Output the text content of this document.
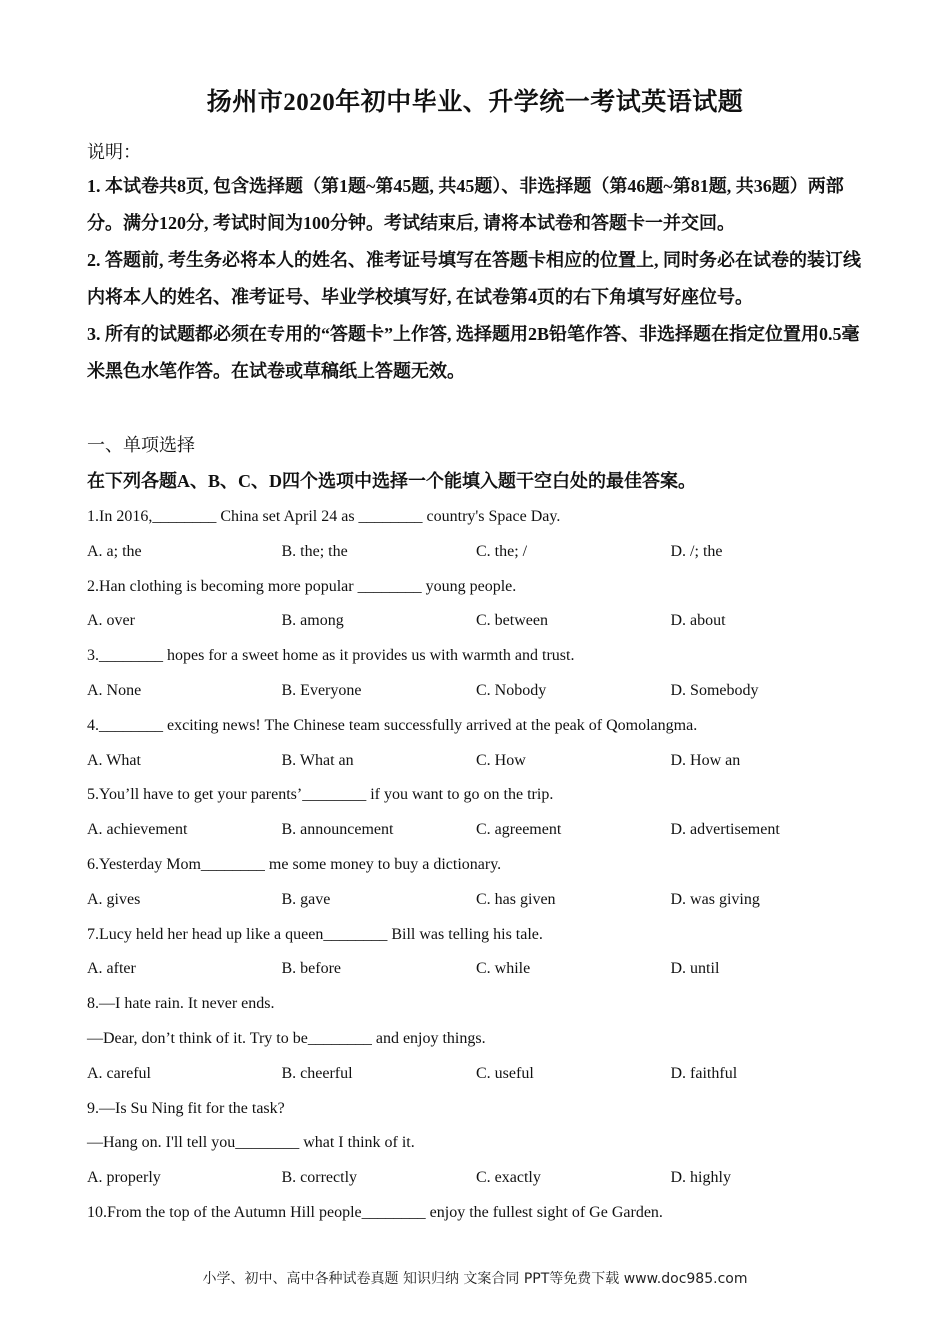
扬州市2020年初中毕业、升学统一考试英语试题
说明：

1. 本试卷共8页, 包含选择题（第1题~第45题, 共45题）、非选择题（第46题~第81题, 共36题）两部分。满分120分, 考试时间为100分钟。考试结束后, 请将本试卷和答题卡一并交回。

2. 答题前, 考生务必将本人的姓名、准考证号填写在答题卡相应的位置上, 同时务必在试卷的装订线内将本人的姓名、准考证号、毕业学校填写好, 在试卷第4页的右下角填写好座位号。

3. 所有的试题都必须在专用的“答题卡”上作答, 选择题用2B铅笔作答、非选择题在指定位置用0.5毫米黑色水笔作答。在试卷或草稿纸上答题无效。

一、单项选择
在下列各题A、B、C、D四个选项中选择一个能填入题干空白处的最佳答案。
1.In 2016,________ China set April 24 as ________ country's Space Day.
A. a; the	B. the; the	C. the; /	D. /; the
2.Han clothing is becoming more popular ________ young people.
A. over	B. among	C. between	D. about
3.________ hopes for a sweet home as it provides us with warmth and trust.
A. None	B. Everyone	C. Nobody	D. Somebody
4.________ exciting news! The Chinese team successfully arrived at the peak of Qomolangma.
A. What	B. What an	C. How	D. How an
5.You’ll have to get your parents’________ if you want to go on the trip.
A. achievement	B. announcement	C. agreement	D. advertisement
6.Yesterday Mom________ me some money to buy a dictionary.
A. gives	B. gave	C. has given	D. was giving
7.Lucy held her head up like a queen________ Bill was telling his tale.
A. after	B. before	C. while	D. until
8.—I hate rain. It never ends.
—Dear, don’t think of it. Try to be________ and enjoy things.
A. careful	B. cheerful	C. useful	D. faithful
9.—Is Su Ning fit for the task?
—Hang on. I'll tell you________ what I think of it.
A. properly	B. correctly	C. exactly	D. highly
10.From the top of the Autumn Hill people________ enjoy the fullest sight of Ge Garden.
小学、初中、高中各种试卷真题 知识归纳 文案合同 PPT等免费下载 www.doc985.com
